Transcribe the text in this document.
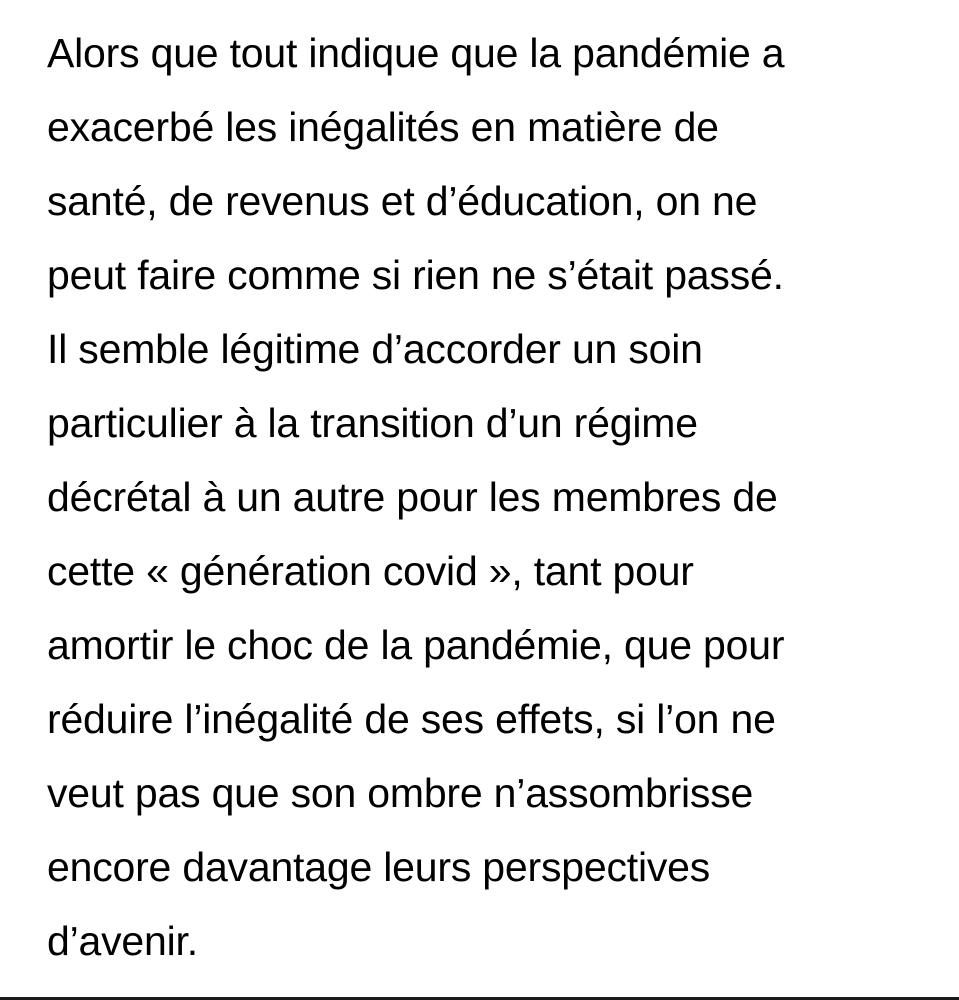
Alors que tout indique que la pandémie a
exacerbé les inégalités en matière de
santé, de revenus et d’éducation, on ne
peut faire comme si rien ne s’était passé.
Il semble légitime d’accorder un soin
particulier à la transition d’un régime
décrétal à un autre pour les membres de
cette « génération covid », tant pour
amortir le choc de la pandémie, que pour
réduire l’inégalité de ses effets, si l’on ne
veut pas que son ombre n’assombrisse
encore davantage leurs perspectives
d’avenir.
